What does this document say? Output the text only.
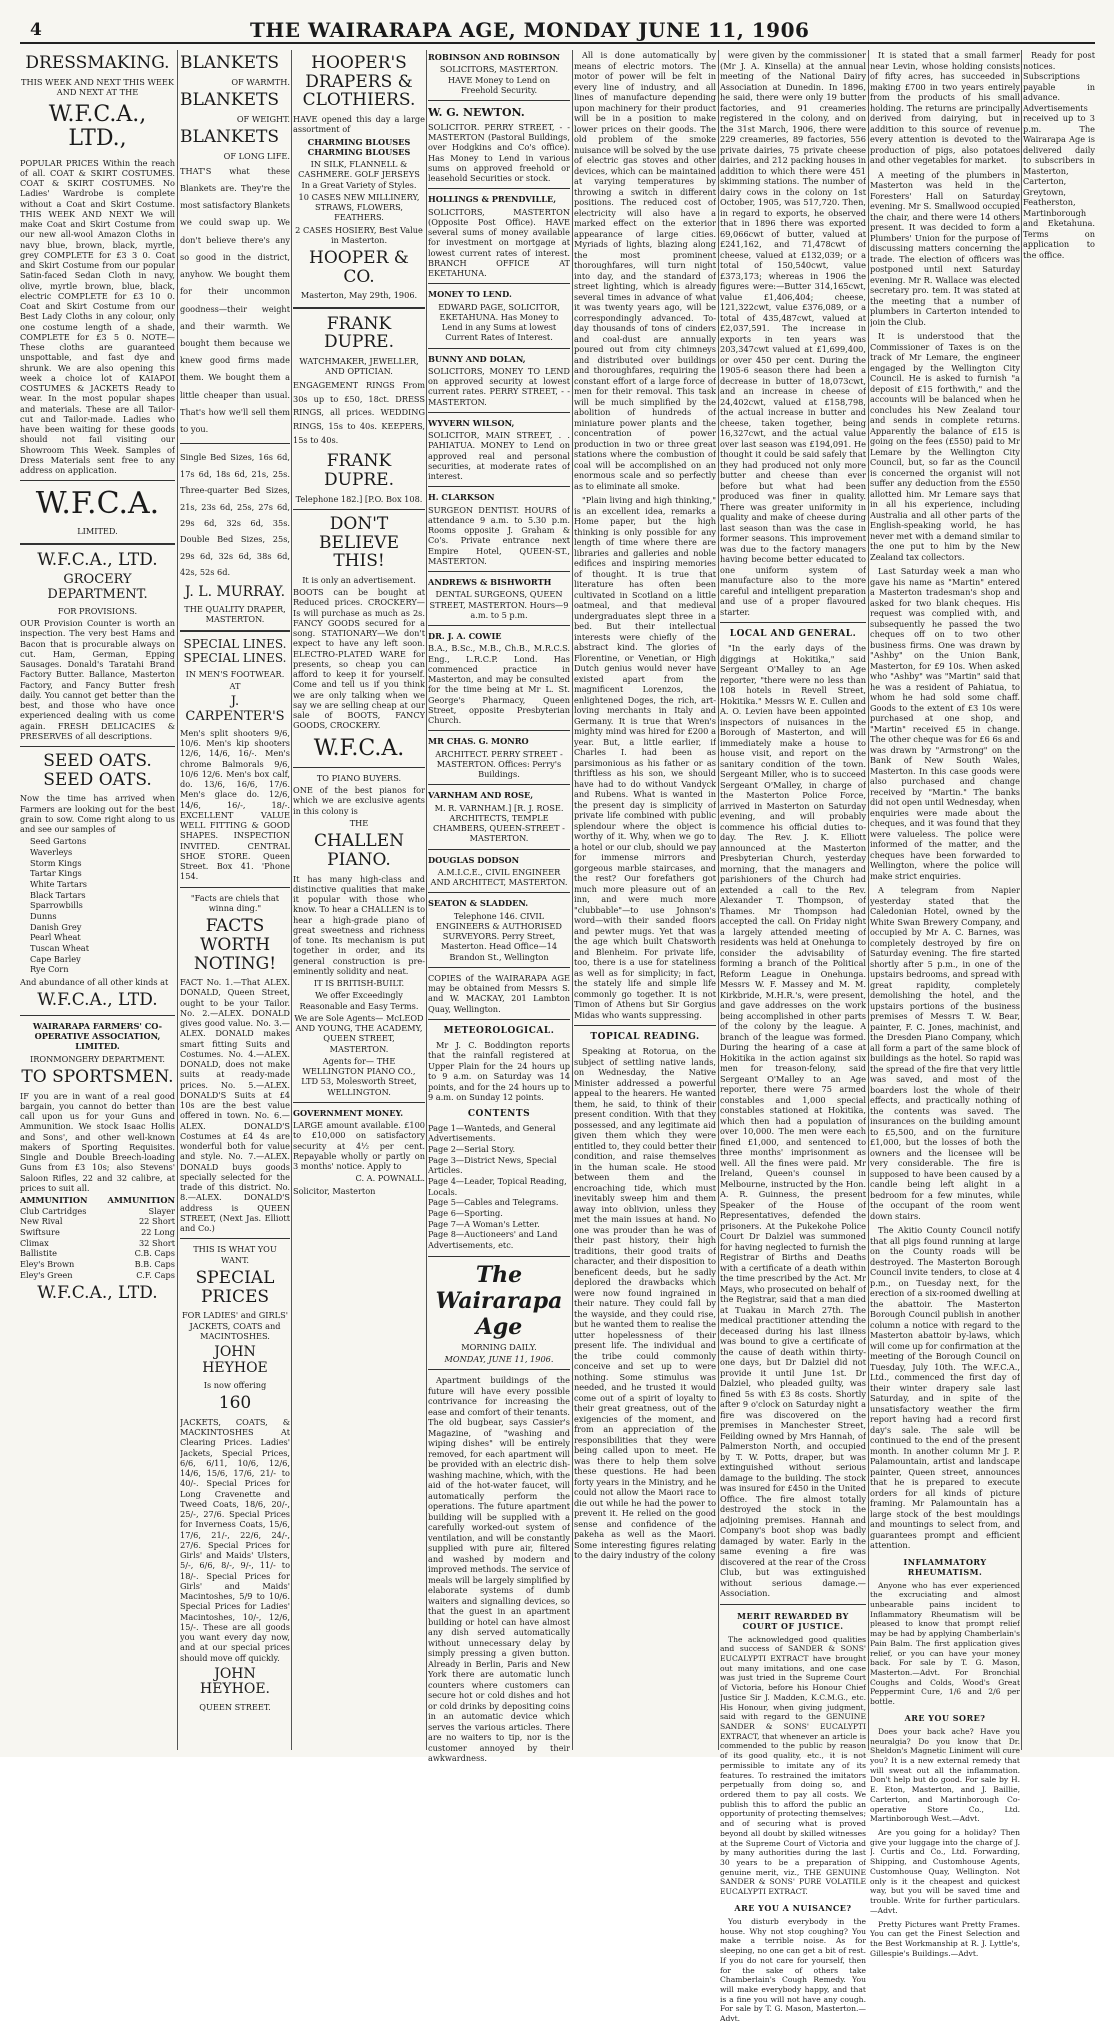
4	THE WAIRARAPA AGE, MONDAY JUNE 11, 1906
DRESSMAKING.
THIS WEEK AND NEXT THIS WEEK AND NEXT AT THE
W.F.C.A., LTD.,
POPULAR PRICES Within the reach of all. COAT & SKIRT COSTUMES. COAT & SKIRT COSTUMES. No Ladies' Wardrobe is complete without a Coat and Skirt Costume. THIS WEEK AND NEXT We will make Coat and Skirt Costume from our new all-wool Amazon Cloths in navy blue, brown, black, myrtle, grey COMPLETE for £3 3 0. Coat and Skirt Costume from our popular Satin-faced Sedan Cloth in navy, olive, myrtle brown, blue, black, electric COMPLETE for £3 10 0. Coat and Skirt Costume from our Best Lady Cloths in any colour, only one costume length of a shade, COMPLETE for £3 5 0. NOTE—These cloths are guaranteed unspottable, and fast dye and shrunk. We are also opening this week a choice lot of KAIAPOI COSTUMES & JACKETS Ready to wear. In the most popular shapes and materials. These are all Tailor-cut and Tailor-made. Ladies who have been waiting for these goods should not fail visiting our Showroom This Week. Samples of Dress Materials sent free to any address on application.
W.F.C.A.
LIMITED.
W.F.C.A., LTD.
GROCERY DEPARTMENT.
FOR PROVISIONS.
OUR Provision Counter is worth an inspection. The very best Hams and Bacon that is procurable always on cut. Ham, German, Epping Sausages. Donald's Taratahi Brand Factory Butter. Ballance, Masterton Factory, and Fancy Butter fresh daily. You cannot get better than the best, and those who have once experienced dealing with us come again. FRESH DELICACIES & PRESERVES of all descriptions.
SEED OATS. SEED OATS.
Now the time has arrived when Farmers are looking out for the best grain to sow. Come right along to us and see our samples of
Seed Gartons
Waverleys
Storm Kings
Tartar Kings
White Tartars
Black Tartars
Sparrowbills
Dunns
Danish Grey
Pearl Wheat
Tuscan Wheat
Cape Barley
Rye Corn
And abundance of all other kinds at
W.F.C.A., LTD.
WAIRARAPA FARMERS' CO-OPERATIVE ASSOCIATION, LIMITED.
IRONMONGERY DEPARTMENT.
TO SPORTSMEN.
IF you are in want of a real good bargain, you cannot do better than call upon us for your Guns and Ammunition. We stock Isaac Hollis and Sons', and other well-known makers of Sporting Requisites. Single and Double Breech-loading Guns from £3 10s; also Stevens' Saloon Rifles, 22 and 32 calibre, at prices to suit all.
AMMUNITION AMMUNITION
Club Cartridges	Slayer
New Rival	22 Short
Swiftsure	22 Long
Climax	32 Short
Ballistite	C.B. Caps
Eley's Brown	B.B. Caps
Eley's Green	C.F. Caps
W.F.C.A., LTD.
BLANKETS
OF WARMTH.
BLANKETS
OF WEIGHT.
BLANKETS
OF LONG LIFE.
THAT'S what these Blankets are. They're the most satisfactory Blankets we could swap up. We don't believe there's any so good in the district, anyhow. We bought them for their uncommon goodness—their weight and their warmth. We bought them because we knew good firms made them. We bought them a little cheaper than usual. That's how we'll sell them to you.
Single Bed Sizes, 16s 6d, 17s 6d, 18s 6d, 21s, 25s. Three-quarter Bed Sizes, 21s, 23s 6d, 25s, 27s 6d, 29s 6d, 32s 6d, 35s. Double Bed Sizes, 25s, 29s 6d, 32s 6d, 38s 6d, 42s, 52s 6d.
J. L. MURRAY.
THE QUALITY DRAPER, MASTERTON.
SPECIAL LINES. SPECIAL LINES.
IN MEN'S FOOTWEAR.
AT
J. CARPENTER'S
Men's split shooters 9/6, 10/6. Men's kip shooters 12/6, 14/6, 16/-. Men's chrome Balmorals 9/6, 10/6 12/6. Men's box calf, do. 13/6, 16/6, 17/6. Men's glace do. 12/6, 14/6, 16/-, 18/-. EXCELLENT VALUE WELL FITTING & GOOD SHAPES. INSPECTION INVITED. CENTRAL SHOE STORE. Queen Street. Box 41. 'Phone 154.
"Facts are chiels that winna ding."
FACTS WORTH NOTING!
FACT No. 1.—That ALEX. DONALD, Queen Street, ought to be your Tailor. No. 2.—ALEX. DONALD gives good value. No. 3.—ALEX. DONALD makes smart fitting Suits and Costumes. No. 4.—ALEX. DONALD, does not make suits at ready-made prices. No. 5.—ALEX. DONALD'S Suits at £4 10s are the best value offered in town. No. 6.—ALEX. DONALD'S Costumes at £4 4s are wonderful both for value and style. No. 7.—ALEX. DONALD buys goods specially selected for the trade of this district. No. 8.—ALEX. DONALD'S address is QUEEN STREET, (Next Jas. Elliott and Co.)
THIS IS WHAT YOU WANT.
SPECIAL PRICES
FOR LADIES' and GIRLS' JACKETS, COATS and MACINTOSHES.
JOHN HEYHOE
Is now offering
160
JACKETS, COATS, & MACKINTOSHES At Clearing Prices. Ladies' Jackets, Special Prices, 6/6, 6/11, 10/6, 12/6, 14/6, 15/6, 17/6, 21/- to 40/-. Special Prices for Long Cravenette and Tweed Coats, 18/6, 20/-, 25/-, 27/6. Special Prices for Inverness Coats, 15/6, 17/6, 21/-, 22/6, 24/-, 27/6. Special Prices for Girls' and Maids' Ulsters, 5/-, 6/6, 8/-, 9/-, 11/- to 18/-. Special Prices for Girls' and Maids' Macintoshes, 5/9 to 10/6. Special Prices for Ladies' Macintoshes, 10/-, 12/6, 15/-. These are all goods you want every day now, and at our special prices should move off quickly.
JOHN HEYHOE.
QUEEN STREET.
HOOPER'S DRAPERS & CLOTHIERS.
HAVE opened this day a large assortment of
CHARMING BLOUSES CHARMING BLOUSES
IN SILK, FLANNELL & CASHMERE. GOLF JERSEYS In a Great Variety of Styles.
10 CASES NEW MILLINERY, STRAWS, FLOWERS, FEATHERS.
2 CASES HOSIERY, Best Value in Masterton.
HOOPER & CO.
Masterton, May 29th, 1906.
FRANK DUPRE.
WATCHMAKER, JEWELLER, AND OPTICIAN.
ENGAGEMENT RINGS From 30s up to £50, 18ct. DRESS RINGS, all prices. WEDDING RINGS, 15s to 40s. KEEPERS, 15s to 40s.
FRANK DUPRE.
Telephone 182.] [P.O. Box 108.
DON'T BELIEVE THIS!
It is only an advertisement.
BOOTS can be bought at Reduced prices. CROCKERY—Is will purchase as much as 2s. FANCY GOODS secured for a song. STATIONARY—We don't expect to have any left soon. ELECTRO-PLATED WARE for presents, so cheap you can afford to keep it for yourself. Come and tell us if you think we are only talking when we say we are selling cheap at our sale of BOOTS, FANCY GOODS, CROCKERY.
W.F.C.A.
TO PIANO BUYERS.
ONE of the best pianos for which we are exclusive agents in this colony is
THE
CHALLEN PIANO.
It has many high-class and distinctive qualities that make it popular with those who know. To hear a CHALLEN is to hear a high-grade piano of great sweetness and richness of tone. Its mechanism is put together in order, and its general construction is pre-eminently solidity and neat.
IT IS BRITISH-BUILT.
We offer Exceedingly Reasonable and Easy Terms.
We are Sole Agents— McLEOD AND YOUNG, THE ACADEMY, QUEEN STREET, MASTERTON.
Agents for— THE WELLINGTON PIANO CO., LTD 53, Molesworth Street, WELLINGTON.
GOVERNMENT MONEY.
LARGE amount available. £100 to £10,000 on satisfactory security at 4½ per cent. Repayable wholly or partly on 3 months' notice. Apply to
C. A. POWNALL.
Solicitor, Masterton
ROBINSON AND ROBINSON
SOLICITORS, MASTERTON. HAVE Money to Lend on Freehold Security.
W. G. NEWTON.
SOLICITOR. PERRY STREET, - - MASTERTON (Pastoral Buildings, over Hodgkins and Co's office). Has Money to Lend in various sums on approved freehold or leasehold Securities or stock.
HOLLINGS & PRENDVILLE,
SOLICITORS, MASTERTON (Opposite Post Office). HAVE several sums of money available for investment on mortgage at lowest current rates of interest. BRANCH OFFICE AT EKETAHUNA.
MONEY TO LEND.
EDWARD PAGE, SOLICITOR, EKETAHUNA. Has Money to Lend in any Sums at lowest Current Rates of Interest.
BUNNY AND DOLAN,
SOLICITORS, MONEY TO LEND on approved security at lowest current rates. PERRY STREET, - - MASTERTON.
WYVERN WILSON,
SOLICITOR, MAIN STREET, . . PAHIATUA. MONEY to Lend on approved real and personal securities, at moderate rates of interest.
H. CLARKSON
SURGEON DENTIST. HOURS of attendance 9 a.m. to 5.30 p.m. Rooms opposite J. Graham & Co's. Private entrance next Empire Hotel, QUEEN-ST., MASTERTON.
ANDREWS & BISHWORTH
DENTAL SURGEONS, QUEEN STREET, MASTERTON. Hours—9 a.m. to 5 p.m.
DR. J. A. COWIE
B.A., B.Sc., M.B., Ch.B., M.R.C.S. Eng., L.R.C.P. Lond. Has commenced practice in Masterton, and may be consulted for the time being at Mr L. St. George's Pharmacy, Queen Street, opposite Presbyterian Church.
MR CHAS. G. MONRO
ARCHITECT. PERRY STREET - MASTERTON. Offices: Perry's Buildings.
VARNHAM AND ROSE,
M. R. VARNHAM.] [R. J. ROSE. ARCHITECTS, TEMPLE CHAMBERS, QUEEN-STREET - MASTERTON.
DOUGLAS DODSON
A.M.I.C.E., CIVIL ENGINEER AND ARCHITECT, MASTERTON.
SEATON & SLADDEN.
Telephone 146. CIVIL ENGINEERS & AUTHORISED SURVEYORS. Perry Street, Masterton. Head Office—14 Brandon St., Wellington
COPIES of the WAIRARAPA AGE may be obtained from Messrs S. and W. MACKAY, 201 Lambton Quay, Wellington.
METEOROLOGICAL.
Mr J. C. Boddington reports that the rainfall registered at Upper Plain for the 24 hours up to 9 a.m. on Saturday was 14 points, and for the 24 hours up to 9 a.m. on Sunday 12 points.
CONTENTS
Page 1—Wanteds, and General Advertisements.
Page 2—Serial Story.
Page 3—District News, Special Articles.
Page 4—Leader, Topical Reading, Locals.
Page 5—Cables and Telegrams.
Page 6—Sporting.
Page 7—A Woman's Letter.
Page 8—Auctioneers' and Land Advertisements, etc.
The Wairarapa Age
MORNING DAILY.
MONDAY, JUNE 11, 1906.
Apartment buildings of the future will have every possible contrivance for increasing the ease and comfort of their tenants. The old bugbear, says Cassier's Magazine, of "washing and wiping dishes" will be entirely removed, for each apartment will be provided with an electric dish-washing machine, which, with the aid of the hot-water faucet, will automatically perform the operations. The future apartment building will be supplied with a carefully worked-out system of ventilation, and will be constantly supplied with pure air, filtered and washed by modern and improved methods. The service of meals will be largely simplified by elaborate systems of dumb waiters and signalling devices, so that the guest in an apartment building or hotel can have almost any dish served automatically without unnecessary delay by simply pressing a given button. Already in Berlin, Paris and New York there are automatic lunch counters where customers can secure hot or cold dishes and hot or cold drinks by depositing coins in an automatic device which serves the various articles. There are no waiters to tip, nor is the customer annoyed by their awkwardness.
All is done automatically by means of electric motors. The motor of power will be felt in every line of industry, and all lines of manufacture depending upon machinery for their product will be in a position to make lower prices on their goods. The old problem of the smoke nuisance will be solved by the use of electric gas stoves and other devices, which can be maintained at varying temperatures by throwing a switch in different positions. The reduced cost of electricity will also have a marked effect on the exterior appearance of large cities. Myriads of lights, blazing along the most prominent thoroughfares, will turn night into day, and the standard of street lighting, which is already several times in advance of what it was twenty years ago, will be correspondingly advanced. To-day thousands of tons of cinders and coal-dust are annually poured out from city chimneys and distributed over buildings and thoroughfares, requiring the constant effort of a large force of men for their removal. This task will be much simplified by the abolition of hundreds of miniature power plants and the concentration of power production in two or three great stations where the combustion of coal will be accomplished on an enormous scale and so perfectly as to eliminate all smoke.
"Plain living and high thinking," is an excellent idea, remarks a Home paper, but the high thinking is only possible for any length of time where there are libraries and galleries and noble edifices and inspiring memories of thought. It is true that literature has often been cultivated in Scotland on a little oatmeal, and that medieval undergraduates slept three in a bed. But their intellectual interests were chiefly of the abstract kind. The glories of Florentine, or Venetian, or High Dutch genius would never have existed apart from the magnificent Lorenzos, the enlightened Doges, the rich, art-loving merchants in Italy and Germany. It is true that Wren's mighty mind was hired for £200 a year. But, a little earlier, if Charles I. had been as parsimonious as his father or as thriftless as his son, we should have had to do without Vandyck and Rubens. What is wanted in the present day is simplicity of private life combined with public splendour where the object is worthy of it. Why, when we go to a hotel or our club, should we pay for immense mirrors and gorgeous marble staircases, and the rest? Our forefathers got much more pleasure out of an inn, and were much more "clubbable"—to use Johnson's word—with their sanded floors and pewter mugs. Yet that was the age which built Chatsworth and Blenheim. For private life, too, there is a use for stateliness as well as for simplicity; in fact, the stately life and simple life commonly go together. It is not Timon of Athens but Sir Gorgius Midas who wants suppressing.
TOPICAL READING.
Speaking at Rotorua, on the subject of settling native lands, on Wednesday, the Native Minister addressed a powerful appeal to the hearers. He wanted them, he said, to think of their present condition. With that they possessed, and any legitimate aid given them which they were entitled to, they could better their condition, and raise themselves in the human scale. He stood between them and the encroaching tide, which must inevitably sweep him and them away into oblivion, unless they met the main issues at hand. No one was prouder than he was of their past history, their high traditions, their good traits of character, and their disposition to beneficent deeds, but he sadly deplored the drawbacks which were now found ingrained in their nature. They could fall by the wayside, and they could rise, but he wanted them to realise the utter hopelessness of their present life. The individual and the tribe could commonly conceive and set up to were nothing. Some stimulus was needed, and he trusted it would come out of a spirit of loyalty to their great greatness, out of the exigencies of the moment, and from an appreciation of the responsibilities that they were being called upon to meet. He was there to help them solve these questions. He had been forty years in the Ministry, and he could not allow the Maori race to die out while he had the power to prevent it. He relied on the good sense and confidence of the pakeha as well as the Maori. Some interesting figures relating to the dairy industry of the colony
were given by the commissioner (Mr J. A. Kinsella) at the annual meeting of the National Dairy Association at Dunedin. In 1896, he said, there were only 19 butter factories, and 91 creameries registered in the colony, and on the 31st March, 1906, there were 229 creameries, 89 factories, 556 private dairies, 75 private cheese dairies, and 212 packing houses in addition to which there were 451 skimming stations. The number of dairy cows in the colony on 1st October, 1905, was 517,720. Then, in regard to exports, he observed that in 1896 there was exported 69,066cwt of butter, valued at £241,162, and 71,478cwt of cheese, valued at £132,039; or a total of 150,540cwt, value £373,173; whereas in 1906 the figures were:—Butter 314,165cwt, value £1,406,404; cheese, 121,322cwt, value £376,089, or a total of 435,487cwt, valued at £2,037,591. The increase in exports in ten years was 203,347cwt valued at £1,699,400, or over 450 per cent. During the 1905-6 season there had been a decrease in butter of 18,073cwt, and an increase in cheese of 24,402cwt, valued at £158,798, the actual increase in butter and cheese, taken together, being 16,327cwt, and the actual value over last season was £194,091. He thought it could be said safely that they had produced not only more butter and cheese than ever before but what had been produced was finer in quality. There was greater uniformity in quality and make of cheese during last season than was the case in former seasons. This improvement was due to the factory managers having become better educated to one uniform system of manufacture also to the more careful and intelligent preparation and use of a proper flavoured starter.
LOCAL AND GENERAL.
"In the early days of the diggings at Hokitika," said Sergeant O'Malley to an Age reporter, "there were no less than 108 hotels in Revell Street, Hokitika." Messrs W. E. Cullen and A. O. Levien have been appointed inspectors of nuisances in the Borough of Masterton, and will immediately make a house to house visit, and report on the sanitary condition of the town. Sergeant Miller, who is to succeed Sergeant O'Malley, in charge of the Masterton Police Force, arrived in Masterton on Saturday evening, and will probably commence his official duties to-day. The Rev. J. K. Elliott announced at the Masterton Presbyterian Church, yesterday morning, that the managers and parishioners of the Church had extended a call to the Rev. Alexander T. Thompson, of Thames. Mr Thompson had accepted the call. On Friday night a largely attended meeting of residents was held at Onehunga to consider the advisability of forming a branch of the Political Reform League in Onehunga. Messrs W. F. Massey and M. M. Kirkbride, M.H.R.'s, were present, and gave addresses on the work being accomplished in other parts of the colony by the league. A branch of the league was formed. During the hearing of a case at Hokitika in the action against six men for treason-felony, said Sergeant O'Malley to an Age reporter, there were 75 armed constables and 1,000 special constables stationed at Hokitika, which then had a population of over 10,000. The men were each fined £1,000, and sentenced to three months' imprisonment as well. All the fines were paid. Mr Ireland, Queen's counsel in Melbourne, instructed by the Hon. A. R. Guinness, the present Speaker of the House of Representatives, defended the prisoners. At the Pukekohe Police Court Dr Dalziel was summoned for having neglected to furnish the Registrar of Births and Deaths with a certificate of a death within the time prescribed by the Act. Mr Mays, who prosecuted on behalf of the Registrar, said that a man died at Tuakau in March 27th. The medical practitioner attending the deceased during his last illness was bound to give a certificate of the cause of death within thirty-one days, but Dr Dalziel did not provide it until June 1st. Dr Dalziel, who pleaded guilty, was fined 5s with £3 8s costs. Shortly after 9 o'clock on Saturday night a fire was discovered on the premises in Manchester Street, Feilding owned by Mrs Hannah, of Palmerston North, and occupied by T. W. Potts, draper, but was extinguished without serious damage to the building. The stock was insured for £450 in the United Office. The fire almost totally destroyed the stock in the adjoining premises. Hannah and Company's boot shop was badly damaged by water. Early in the same evening a fire was discovered at the rear of the Cross Club, but was extinguished without serious damage.—Association.
MERIT REWARDED BY COURT OF JUSTICE.
The acknowledged good qualities and success of SANDER & SONS' EUCALYPTI EXTRACT have brought out many imitations, and one case was just tried in the Supreme Court of Victoria, before his Honour Chief Justice Sir J. Madden, K.C.M.G., etc. His Honour, when giving judgment, said with regard to the GENUINE SANDER & SONS' EUCALYPTI EXTRACT, that whenever an article is commended to the public by reason of its good quality, etc., it is not permissible to imitate any of its features. To restrained the imitators perpetually from doing so, and ordered them to pay all costs. We publish this to afford the public an opportunity of protecting themselves; and of securing what is proved beyond all doubt by skilled witnesses at the Supreme Court of Victoria and by many authorities during the last 30 years to be a preparation of genuine merit, viz., THE GENUINE SANDER & SONS' PURE VOLATILE EUCALYPTI EXTRACT.
ARE YOU A NUISANCE?
You disturb everybody in the house. Why not stop coughing? You make a terrible noise. As for sleeping, no one can get a bit of rest. If you do not care for yourself, then for the sake of others take Chamberlain's Cough Remedy. You will make everybody happy, and that is a fine you will not have any cough. For sale by T. G. Mason, Masterton.—Advt.
It is stated that a small farmer near Levin, whose holding consists of fifty acres, has succeeded in making £700 in two years entirely from the products of his small holding. The returns are principally derived from dairying, but in addition to this source of revenue every attention is devoted to the production of pigs, also potatoes and other vegetables for market.
A meeting of the plumbers in Masterton was held in the Foresters' Hall on Saturday evening. Mr S. Smallwood occupied the chair, and there were 14 others present. It was decided to form a Plumbers' Union for the purpose of discussing matters concerning the trade. The election of officers was postponed until next Saturday evening. Mr R. Wallace was elected secretary pro. tem. It was stated at the meeting that a number of plumbers in Carterton intended to join the Club.
It is understood that the Commissioner of Taxes is on the track of Mr Lemare, the engineer engaged by the Wellington City Council. He is asked to furnish "a deposit of £15 forthwith," and the accounts will be balanced when he concludes his New Zealand tour and sends in complete returns. Apparently the balance of £15 is going on the fees (£550) paid to Mr Lemare by the Wellington City Council, but, so far as the Council is concerned the organist will not suffer any deduction from the £550 allotted him. Mr Lemare says that in all his experience, including Australia and all other parts of the English-speaking world, he has never met with a demand similar to the one put to him by the New Zealand tax collectors.
Last Saturday week a man who gave his name as "Martin" entered a Masterton tradesman's shop and asked for two blank cheques. His request was complied with, and subsequently he passed the two cheques off on to two other business firms. One was drawn by "Ashby" on the Union Bank, Masterton, for £9 10s. When asked who "Ashby" was "Martin" said that he was a resident of Pahiatua, to whom he had sold some chaff. Goods to the extent of £3 10s were purchased at one shop, and "Martin" received £5 in change. The other cheque was for £6 6s and was drawn by "Armstrong" on the Bank of New South Wales, Masterton. In this case goods were also purchased and change received by "Martin." The banks did not open until Wednesday, when enquiries were made about the cheques, and it was found that they were valueless. The police were informed of the matter, and the cheques have been forwarded to Wellington, where the police will make strict enquiries.
A telegram from Napier yesterday stated that the Caledonian Hotel, owned by the White Swan Brewery Company, and occupied by Mr A. C. Barnes, was completely destroyed by fire on Saturday evening. The fire started shortly after 5 p.m., in one of the upstairs bedrooms, and spread with great rapidity, completely demolishing the hotel, and the upstairs portions of the business premises of Messrs T. W. Bear, painter, F. C. Jones, machinist, and the Dresden Piano Company, which all form a part of the same block of buildings as the hotel. So rapid was the spread of the fire that very little was saved, and most of the boarders lost the whole of their effects, and practically nothing of the contents was saved. The insurances on the building amount to £5,500, and on the furniture £1,000, but the losses of both the owners and the licensee will be very considerable. The fire is supposed to have been caused by a candle being left alight in a bedroom for a few minutes, while the occupant of the room went down stairs.
The Akitio County Council notify that all pigs found running at large on the County roads will be destroyed. The Masterton Borough Council invite tenders, to close at 4 p.m., on Tuesday next, for the erection of a six-roomed dwelling at the abattoir. The Masterton Borough Council publish in another column a notice with regard to the Masterton abattoir by-laws, which will come up for confirmation at the meeting of the Borough Council on Tuesday, July 10th. The W.F.C.A., Ltd., commenced the first day of their winter drapery sale last Saturday, and in spite of the unsatisfactory weather the firm report having had a record first day's sale. The sale will be continued to the end of the present month. In another column Mr J. P. Palamountain, artist and landscape painter, Queen street, announces that he is prepared to execute orders for all kinds of picture framing. Mr Palamountain has a large stock of the best mouldings and mountings to select from, and guarantees prompt and efficient attention.
INFLAMMATORY RHEUMATISM.
Anyone who has ever experienced the excruciating and almost unbearable pains incident to Inflammatory Rheumatism will be pleased to know that prompt relief may be had by applying Chamberlain's Pain Balm. The first application gives relief, or you can have your money back. For sale by T. G. Mason, Masterton.—Advt. For Bronchial Coughs and Colds, Wood's Great Peppermint Cure, 1/6 and 2/6 per bottle.
ARE YOU SORE?
Does your back ache? Have you neuralgia? Do you know that Dr. Sheldon's Magnetic Liniment will cure you? It is a new external remedy that will sweat out all the inflammation. Don't help but do good. For sale by H. E. Eton, Masterton, and J. Baillie, Carterton, and Martinborough Co-operative Store Co., Ltd. Martinborough West.—Advt.
Are you going for a holiday? Then give your luggage into the charge of J. J. Curtis and Co., Ltd. Forwarding, Shipping, and Customhouse Agents, Customhouse Quay, Wellington. Not only is it the cheapest and quickest way, but you will be saved time and trouble. Write for further particulars.—Advt.
Pretty Pictures want Pretty Frames. You can get the Finest Selection and the Best Workmanship at R. J. Lyttle's, Gillespie's Buildings.—Advt.
Ready for post notices. Subscriptions payable in advance. Advertisements received up to 3 p.m. The Wairarapa Age is delivered daily to subscribers in Masterton, Carterton, Greytown, Featherston, Martinborough and Eketahuna. Terms on application to the office.
